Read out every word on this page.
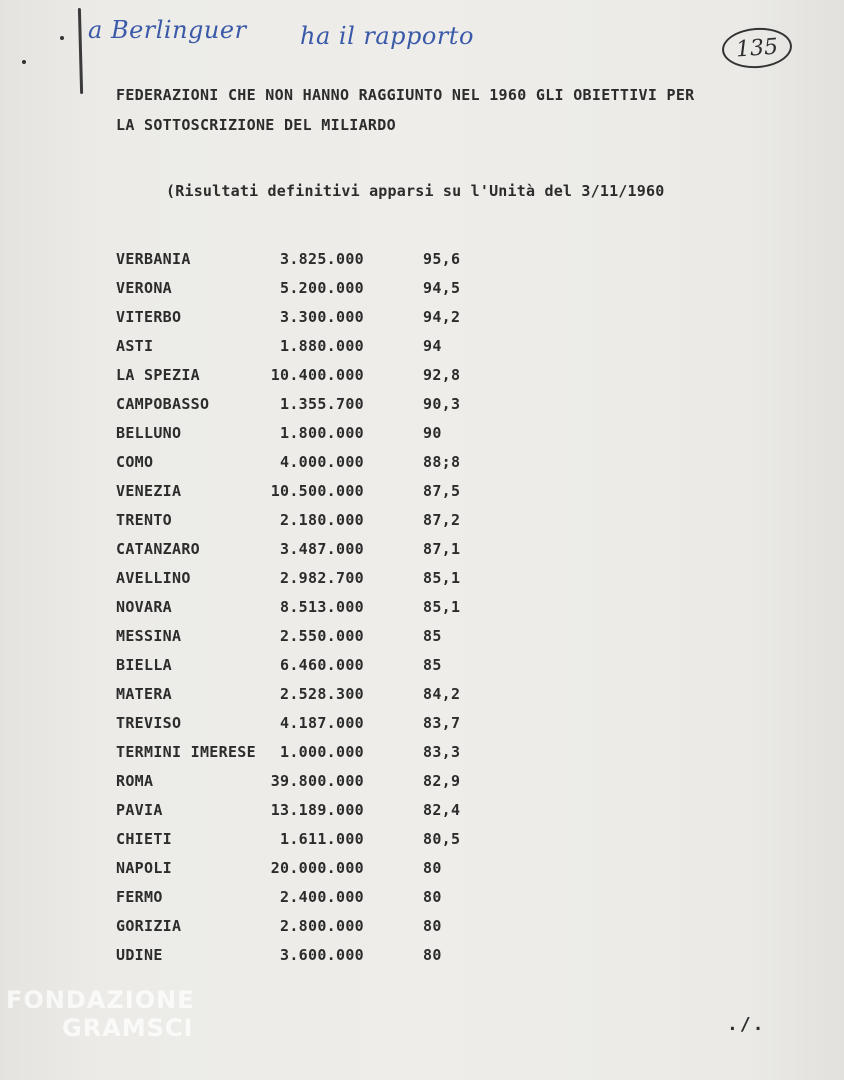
a Berlinguer ha il rapporto	135
FEDERAZIONI CHE NON HANNO RAGGIUNTO NEL 1960 GLI OBIETTIVI PER
LA SOTTOSCRIZIONE DEL MILIARDO
(Risultati definitivi apparsi su l'Unità del 3/11/1960
VERBANIA	3.825.000	95,6
VERONA	5.200.000	94,5
VITERBO	3.300.000	94,2
ASTI	1.880.000	94
LA SPEZIA	10.400.000	92,8
CAMPOBASSO	1.355.700	90,3
BELLUNO	1.800.000	90
COMO	4.000.000	88;8
VENEZIA	10.500.000	87,5
TRENTO	2.180.000	87,2
CATANZARO	3.487.000	87,1
AVELLINO	2.982.700	85,1
NOVARA	8.513.000	85,1
MESSINA	2.550.000	85
BIELLA	6.460.000	85
MATERA	2.528.300	84,2
TREVISO	4.187.000	83,7
TERMINI IMERESE	1.000.000	83,3
ROMA	39.800.000	82,9
PAVIA	13.189.000	82,4
CHIETI	1.611.000	80,5
NAPOLI	20.000.000	80
FERMO	2.400.000	80
GORIZIA	2.800.000	80
UDINE	3.600.000	80
./.
FONDAZIONE
GRAMSCI
